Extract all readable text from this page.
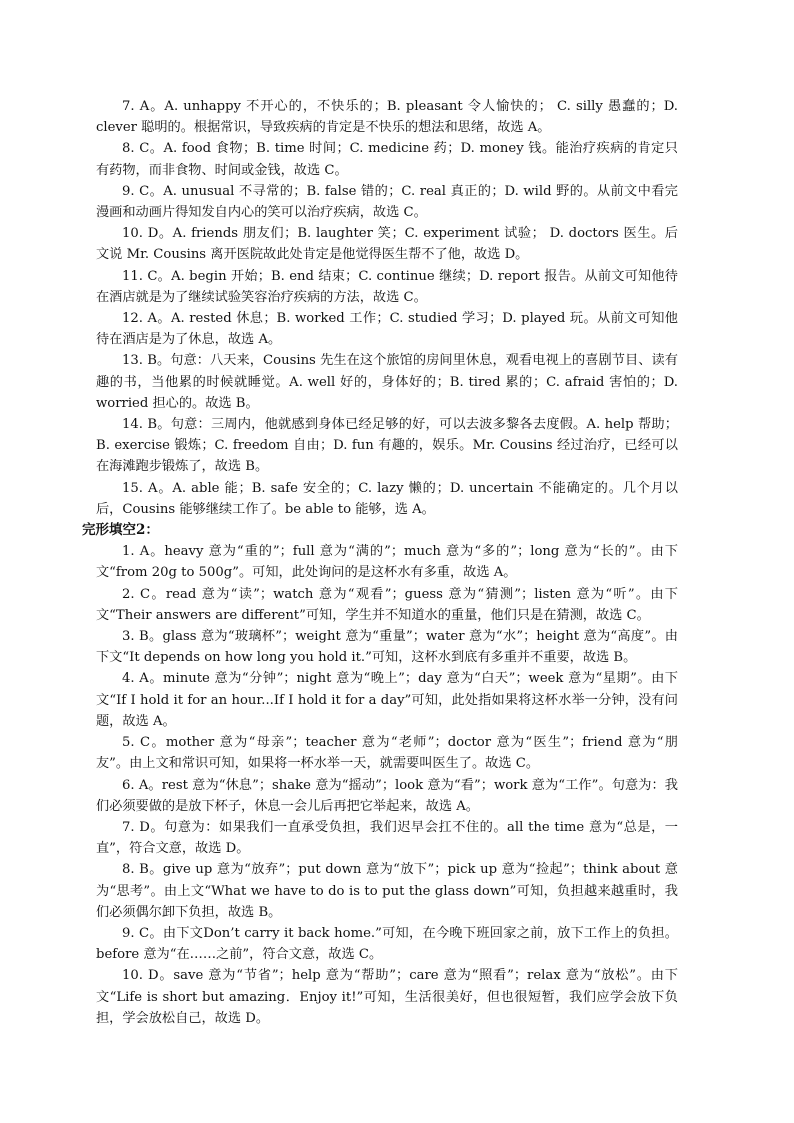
7. A。A. unhappy 不开心的，不快乐的；B. pleasant 令人愉快的； C. silly 愚蠢的；D. clever 聪明的。根据常识，导致疾病的肯定是不快乐的想法和思绪，故选 A。

8. C。A. food 食物；B. time 时间；C. medicine 药；D. money 钱。能治疗疾病的肯定只有药物，而非食物、时间或金钱，故选 C。

9. C。A. unusual 不寻常的；B. false 错的；C. real 真正的；D. wild 野的。从前文中看完漫画和动画片得知发自内心的笑可以治疗疾病，故选 C。

10. D。A. friends 朋友们；B. laughter 笑；C. experiment 试验； D. doctors 医生。后文说 Mr. Cousins 离开医院故此处肯定是他觉得医生帮不了他，故选 D。

11. C。A. begin 开始；B. end 结束；C. continue 继续；D. report 报告。从前文可知他待在酒店就是为了继续试验笑容治疗疾病的方法，故选 C。

12. A。A. rested 休息；B. worked 工作；C. studied 学习；D. played 玩。从前文可知他待在酒店是为了休息，故选 A。

13. B。句意：八天来，Cousins 先生在这个旅馆的房间里休息，观看电视上的喜剧节目、读有趣的书，当他累的时候就睡觉。A. well 好的，身体好的；B. tired 累的；C. afraid 害怕的；D. worried 担心的。故选 B。

14. B。句意：三周内，他就感到身体已经足够的好，可以去波多黎各去度假。A. help 帮助；B. exercise 锻炼；C. freedom 自由；D. fun 有趣的，娱乐。Mr. Cousins 经过治疗，已经可以在海滩跑步锻炼了，故选 B。

15. A。A. able 能；B. safe 安全的；C. lazy 懒的；D. uncertain 不能确定的。几个月以后，Cousins 能够继续工作了。be able to 能够，选 A。

完形填空2：

1. A。heavy 意为“重的”；full 意为“满的”；much 意为“多的”；long 意为“长的”。由下文“from 20g to 500g”。可知，此处询问的是这杯水有多重，故选 A。

2. C。read 意为“读”；watch 意为“观看”；guess 意为“猜测”；listen 意为“听”。由下文“Their answers are different”可知，学生并不知道水的重量，他们只是在猜测，故选 C。

3. B。glass 意为“玻璃杯”；weight 意为“重量”；water 意为“水”；height 意为“高度”。由下文“It depends on how long you hold it.”可知，这杯水到底有多重并不重要，故选 B。

4. A。minute 意为“分钟”；night 意为“晚上”；day 意为“白天”；week 意为“星期”。由下文“If I hold it for an hour...If I hold it for a day”可知，此处指如果将这杯水举一分钟，没有问题，故选 A。

5. C。mother 意为“母亲”；teacher 意为“老师”；doctor 意为“医生”；friend 意为“朋友”。由上文和常识可知，如果将一杯水举一天，就需要叫医生了。故选 C。

6. A。rest 意为“休息”；shake 意为“摇动”；look 意为“看”；work 意为“工作”。句意为：我们必须要做的是放下杯子，休息一会儿后再把它举起来，故选 A。

7. D。句意为：如果我们一直承受负担，我们迟早会扛不住的。all the time 意为“总是，一直”，符合文意，故选 D。

8. B。give up 意为“放弃”；put down 意为“放下”；pick up 意为“捡起”；think about 意为“思考”。由上文“What we have to do is to put the glass down”可知，负担越来越重时，我们必须偶尔卸下负担，故选 B。

9. C。由下文Don’t carry it back home.”可知，在今晚下班回家之前，放下工作上的负担。before 意为“在……之前”，符合文意，故选 C。

10. D。save 意为“节省”；help 意为“帮助”；care 意为“照看”；relax 意为“放松”。由下文“Life is short but amazing．Enjoy it!”可知，生活很美好，但也很短暂，我们应学会放下负担，学会放松自己，故选 D。
